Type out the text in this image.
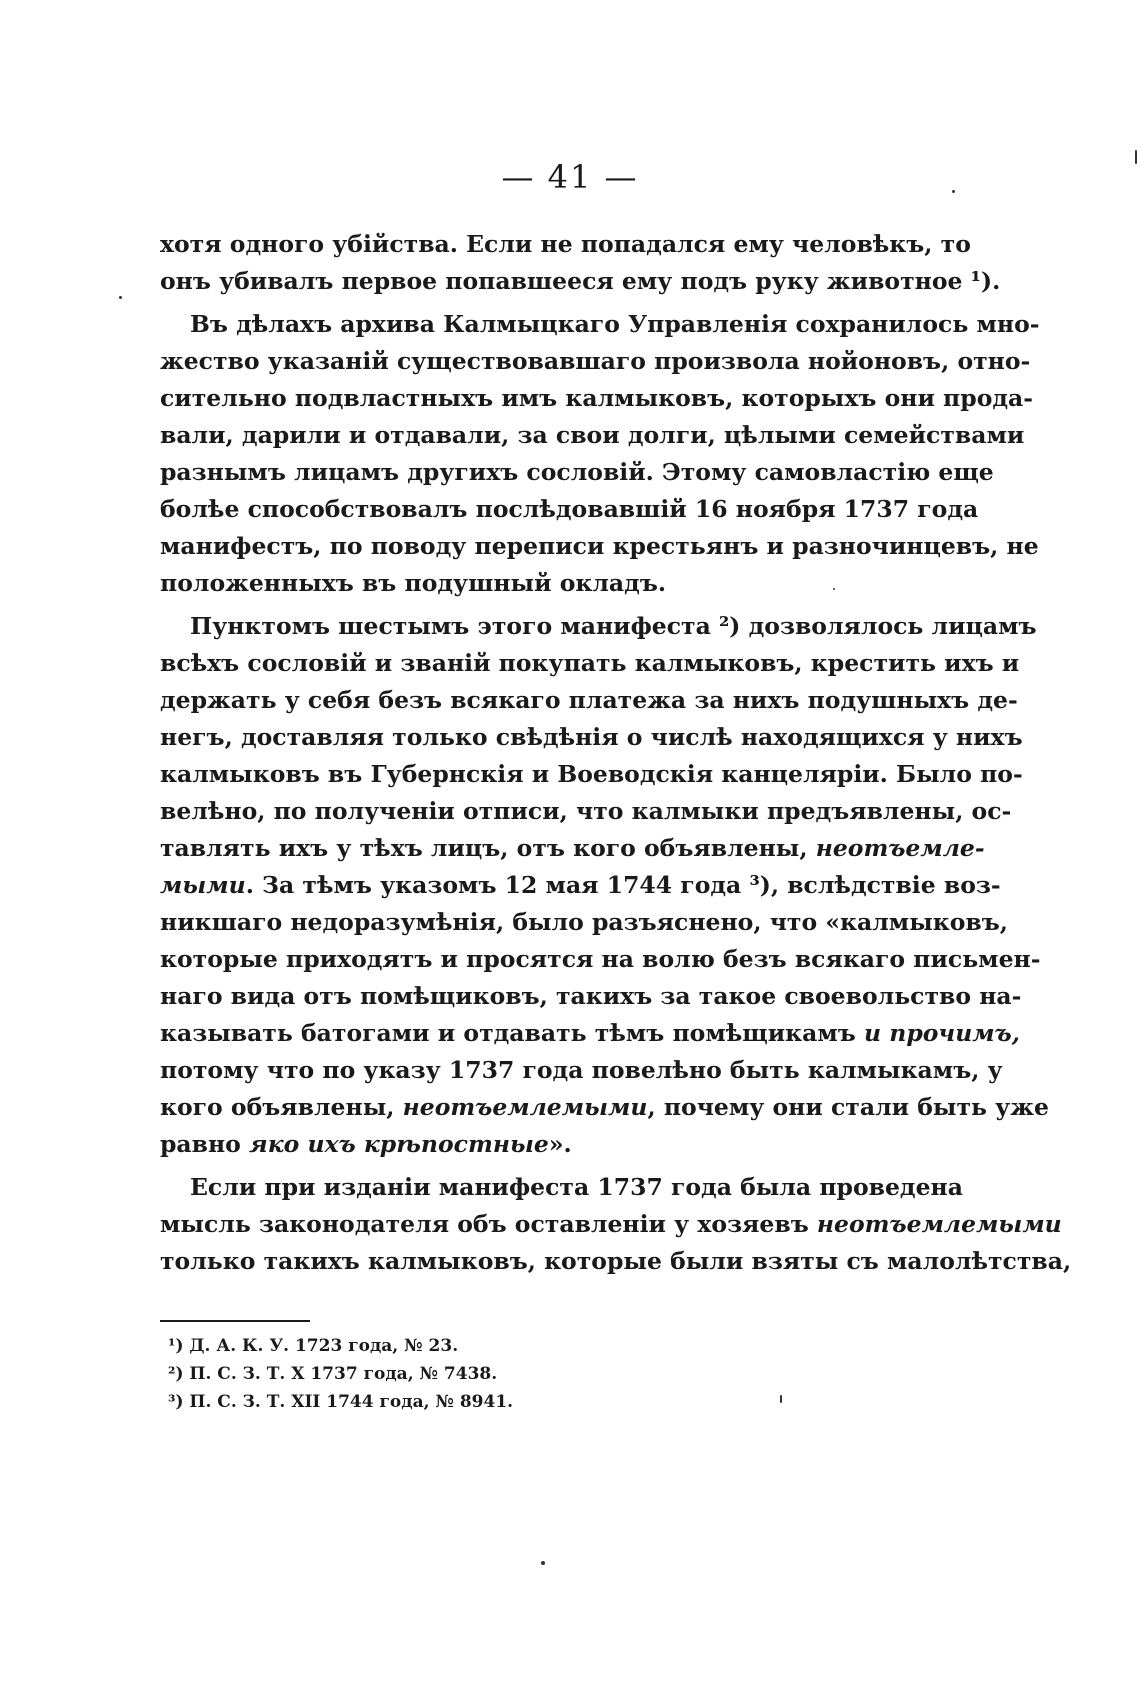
— 41 —
хотя одного убійства. Если не попадался ему человѣкъ, то
онъ убивалъ первое попавшееся ему подъ руку животное ¹).
Въ дѣлахъ архива Калмыцкаго Управленія сохранилось мно-
жество указаній существовавшаго произвола нойоновъ, отно-
сительно подвластныхъ имъ калмыковъ, которыхъ они прода-
вали, дарили и отдавали, за свои долги, цѣлыми семействами
разнымъ лицамъ другихъ сословій. Этому самовластію еще
болѣе способствовалъ послѣдовавшій 16 ноября 1737 года
манифестъ, по поводу переписи крестьянъ и разночинцевъ, не
положенныхъ въ подушный окладъ.
Пунктомъ шестымъ этого манифеста ²) дозволялось лицамъ
всѣхъ сословій и званій покупать калмыковъ, крестить ихъ и
держать у себя безъ всякаго платежа за нихъ подушныхъ де-
негъ, доставляя только свѣдѣнія о числѣ находящихся у нихъ
калмыковъ въ Губернскія и Воеводскія канцеляріи. Было по-
велѣно, по полученіи отписи, что калмыки предъявлены, ос-
тавлять ихъ у тѣхъ лицъ, отъ кого объявлены, неотъемле-
мыми. За тѣмъ указомъ 12 мая 1744 года ³), вслѣдствіе воз-
никшаго недоразумѣнія, было разъяснено, что «калмыковъ,
которые приходятъ и просятся на волю безъ всякаго письмен-
наго вида отъ помѣщиковъ, такихъ за такое своевольство на-
казывать батогами и отдавать тѣмъ помѣщикамъ и прочимъ,
потому что по указу 1737 года повелѣно быть калмыкамъ, у
кого объявлены, неотъемлемыми, почему они стали быть уже
равно яко ихъ крѣпостные».
Если при изданіи манифеста 1737 года была проведена
мысль законодателя объ оставленіи у хозяевъ неотъемлемыми
только такихъ калмыковъ, которые были взяты съ малолѣтства,
¹) Д. А. К. У. 1723 года, № 23.
²) П. С. З. Т. X 1737 года, № 7438.
³) П. С. З. Т. XII 1744 года, № 8941.
